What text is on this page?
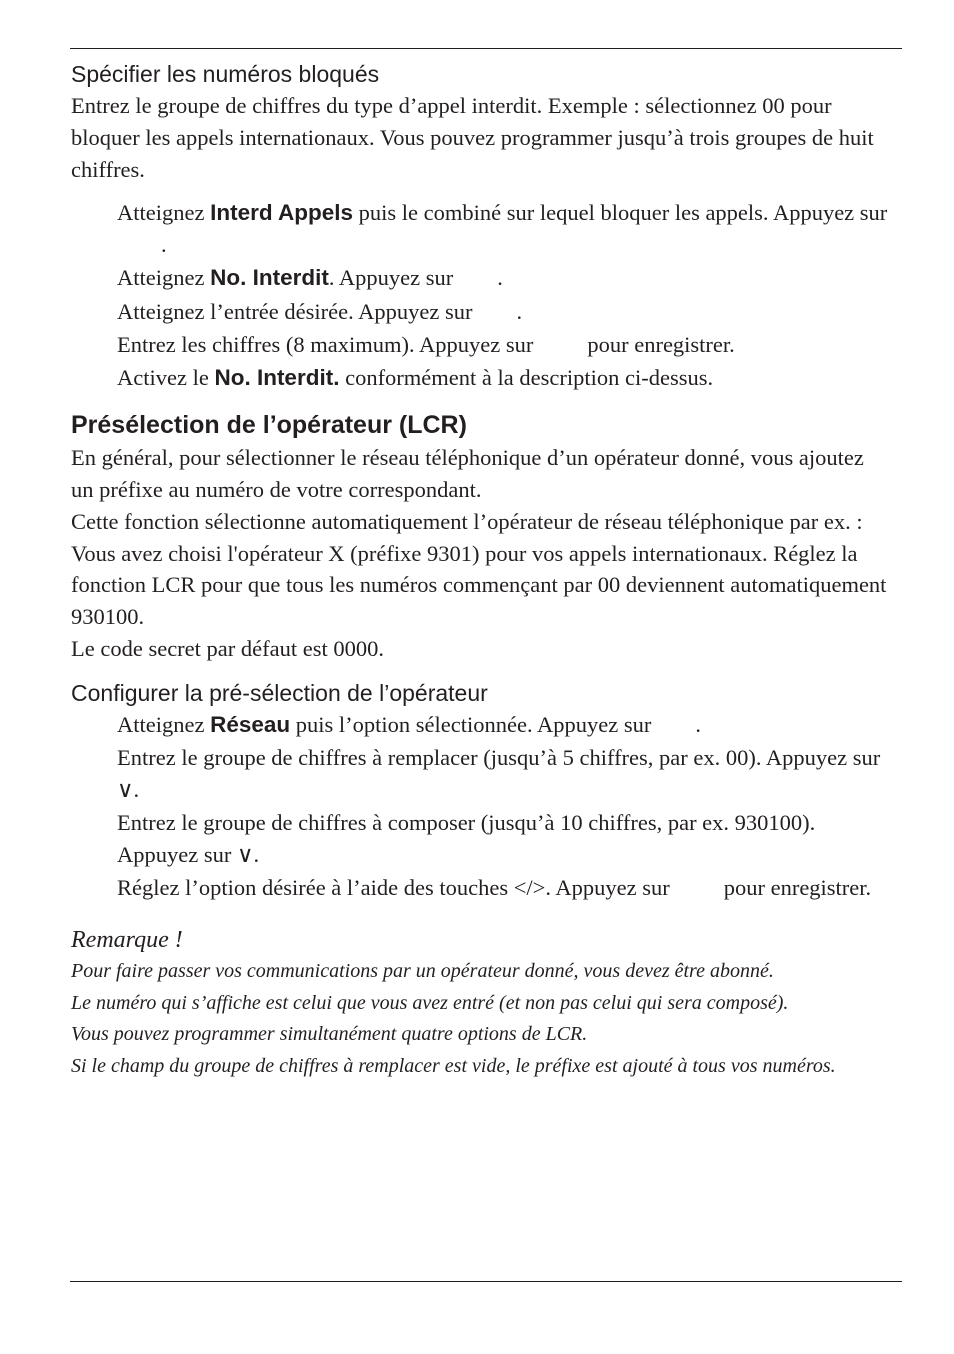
Spécifier les numéros bloqués

Entrez le groupe de chiffres du type d’appel interdit. Exemple : sélectionnez 00 pour bloquer les appels internationaux. Vous pouvez programmer jusqu’à trois groupes de huit chiffres.

Atteignez Interd Appels puis le combiné sur lequel bloquer les appels. Appuyez sur.
Atteignez No. Interdit. Appuyez sur .
Atteignez l’entrée désirée. Appuyez sur .
Entrez les chiffres (8 maximum). Appuyez sur pour enregistrer.
Activez le No. Interdit. conformément à la description ci-dessus.
Présélection de l’opérateur (LCR)

En général, pour sélectionner le réseau téléphonique d’un opérateur donné, vous ajoutez un préfixe au numéro de votre correspondant.

Cette fonction sélectionne automatiquement l’opérateur de réseau téléphonique par ex. :

Vous avez choisi l'opérateur X (préfixe 9301) pour vos appels internationaux. Réglez la fonction LCR pour que tous les numéros commençant par 00 deviennent automatiquement 930100.

Le code secret par défaut est 0000.

Configurer la pré-sélection de l’opérateur
Atteignez Réseau puis l’option sélectionnée. Appuyez sur .
Entrez le groupe de chiffres à remplacer (jusqu’à 5 chiffres, par ex. 00). Appuyez sur ∨.
Entrez le groupe de chiffres à composer (jusqu’à 10 chiffres, par ex. 930100). Appuyez sur ∨.
Réglez l’option désirée à l’aide des touches </>. Appuyez sur pour enregistrer.

Remarque !

Pour faire passer vos communications par un opérateur donné, vous devez être abonné.

Le numéro qui s’affiche est celui que vous avez entré (et non pas celui qui sera composé).

Vous pouvez programmer simultanément quatre options de LCR.

Si le champ du groupe de chiffres à remplacer est vide, le préfixe est ajouté à tous vos numéros.
